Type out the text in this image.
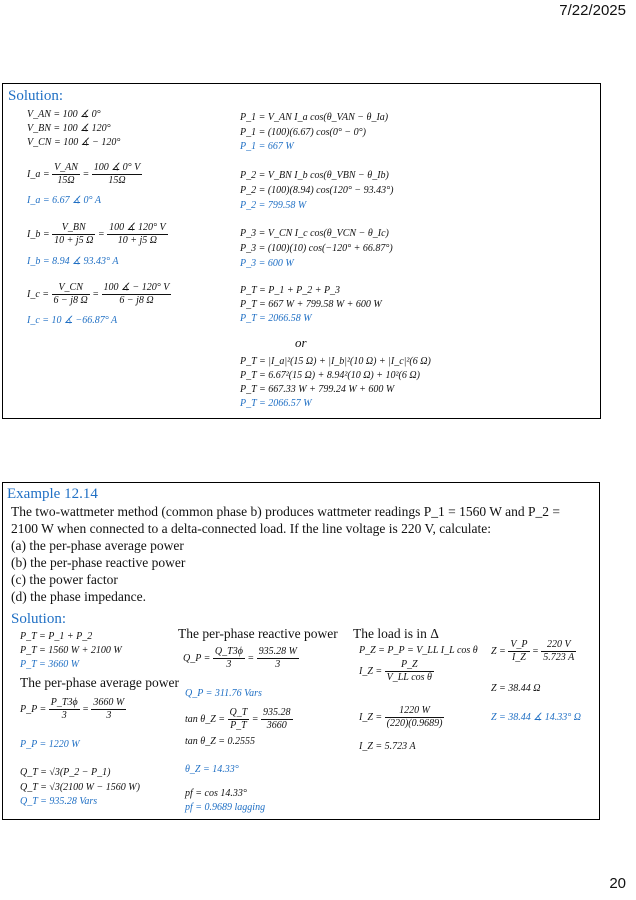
7/22/2025
Solution:
V_AN = 100 ∡ 0°
V_BN = 100 ∡ 120°
V_CN = 100 ∡ − 120°
I_a = $\frac{V\_AN}{15\Omega} = \frac{100 ∡ 0^\circ V}{15\Omega}$
I_a = 6.67 ∡ 0° A
I_b = $\frac{V\_BN}{10 + j5 \Omega} = \frac{100 ∡ 120^\circ V}{10 + j5 \Omega}$
I_b = 8.94 ∡ 93.43° A
I_c = $\frac{V\_CN}{6 - j8 \Omega} = \frac{100 ∡ - 120^\circ V}{6 - j8 \Omega}$
I_c = 10 ∡ −66.87° A
P_1 = V_AN I_a cos(θ_VAN − θ_Ia)
P_1 = (100)(6.67) cos(0° − 0°)
P_1 = 667 W
P_2 = V_BN I_b cos(θ_VBN − θ_Ib)
P_2 = (100)(8.94) cos(120° − 93.43°)
P_2 = 799.58 W
P_3 = V_CN I_c cos(θ_VCN − θ_Ic)
P_3 = (100)(10) cos(−120° + 66.87°)
P_3 = 600 W
P_T = P_1 + P_2 + P_3
P_T = 667 W + 799.58 W + 600 W
P_T = 2066.58 W
or
P_T = |I_a|²(15 Ω) + |I_b|²(10 Ω) + |I_c|²(6 Ω)
P_T = 6.67²(15 Ω) + 8.94²(10 Ω) + 10²(6 Ω)
P_T = 667.33 W + 799.24 W + 600 W
P_T = 2066.57 W
Example 12.14
The two-wattmeter method (common phase b) produces wattmeter readings P_1 = 1560 W and P_2 =
2100 W when connected to a delta-connected load. If the line voltage is 220 V, calculate:
(a) the per-phase average power
(b) the per-phase reactive power
(c) the power factor
(d) the phase impedance.
Solution:
P_T = P_1 + P_2
P_T = 1560 W + 2100 W
P_T = 3660 W
The per-phase average power
P_P = $\frac{P\_T3\phi}{3} = \frac{3660 W}{3}$
P_P = 1220 W
Q_T = √3(P_2 − P_1)
Q_T = √3(2100 W − 1560 W)
Q_T = 935.28 Vars
The per-phase reactive power
Q_P = $\frac{Q\_T3\phi}{3} = \frac{935.28 W}{3}$
Q_P = 311.76 Vars
tan θ_Z = $\frac{Q\_T}{P\_T} = \frac{935.28}{3660}$
tan θ_Z = 0.2555
θ_Z = 14.33°
pf = cos 14.33°
pf = 0.9689 lagging
The load is in Δ
P_Z = P_P = V_LL I_L cos θ
I_Z = $\frac{P\_Z}{\text{V\_LL cos θ}}$
I_Z = $\frac{1220 W}{(220)(0.9689)}$
I_Z = 5.723 A
$Z = \frac{V\_P}{I\_Z} = \frac{220 V}{5.723 A}$
Z = 38.44 Ω
Z = 38.44 ∡ 14.33° Ω
20
